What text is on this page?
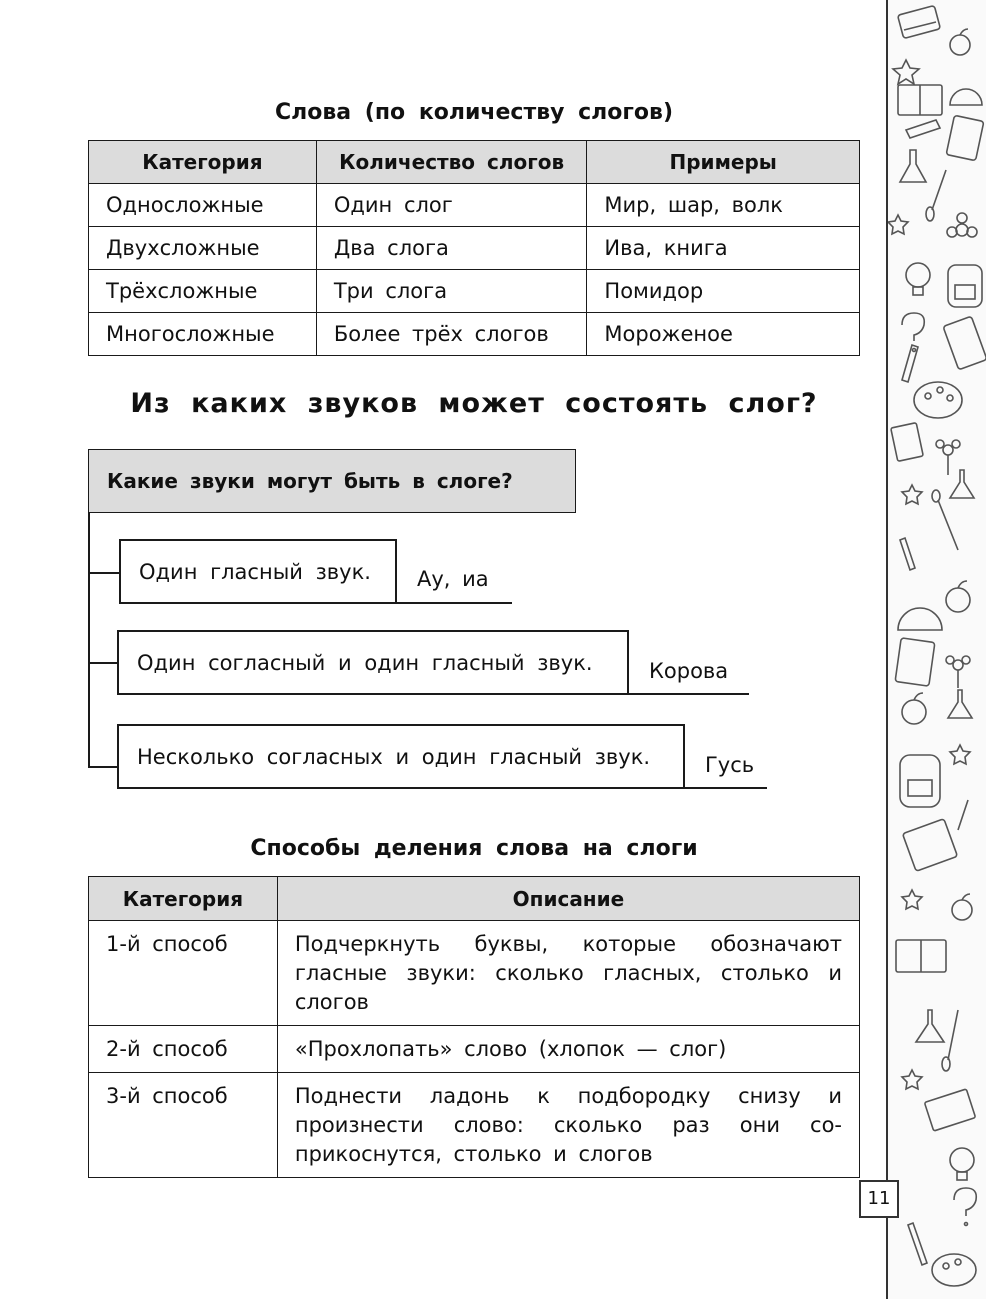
Слова (по количеству слогов)
Категория	Количество слогов	Примеры
Односложные	Один слог	Мир, шар, волк
Двухсложные	Два слога	Ива, книга
Трёхсложные	Три слога	Помидор
Многосложные	Более трёх слогов	Мороженое
Из каких звуков может состоять слог?
Какие звуки могут быть в слоге?
Один гласный звук.	Ау, иа
Один согласный и один гласный звук.	Корова
Несколько согласных и один гласный звук.	Гусь
Способы деления слова на слоги
Категория	Описание
1-й способ	Подчеркнуть буквы, которые обозначают гласные звуки: сколько гласных, столько и слогов
2-й способ	«Прохлопать» слово (хлопок — слог)
3-й способ	Поднести ладонь к подбородку снизу и произнести слово: сколько раз они со-прикоснутся, столько и слогов
11
